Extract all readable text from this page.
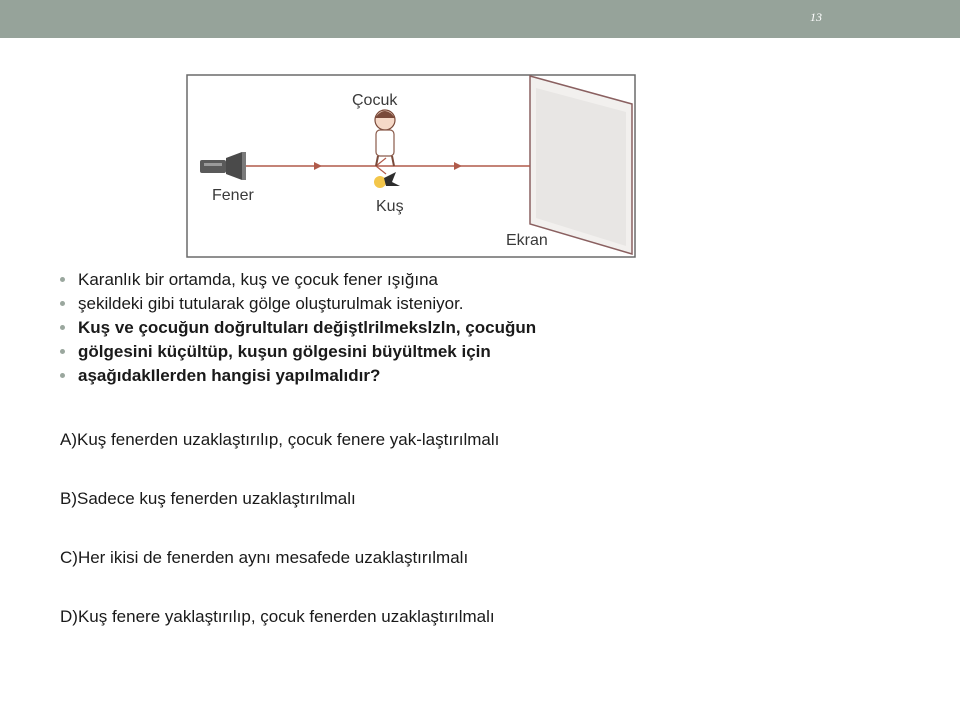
13
Çocuk
Fener
Kuş
Ekran
Karanlık bir ortamda, kuş ve çocuk fener ışığına
şekildeki gibi tutularak gölge oluşturulmak isteniyor.
Kuş ve çocuğun doğrultuları değiştlrilmekslzln, çocuğun
gölgesini küçültüp, kuşun gölgesini büyültmek için
aşağıdakIlerden hangisi yapılmalıdır?
A)Kuş fenerden uzaklaştırılıp, çocuk fenere yak-laştırılmalı
B)Sadece kuş fenerden uzaklaştırılmalı
C)Her ikisi de fenerden aynı mesafede uzaklaştırılmalı
D)Kuş fenere yaklaştırılıp, çocuk fenerden uzaklaştırılmalı
